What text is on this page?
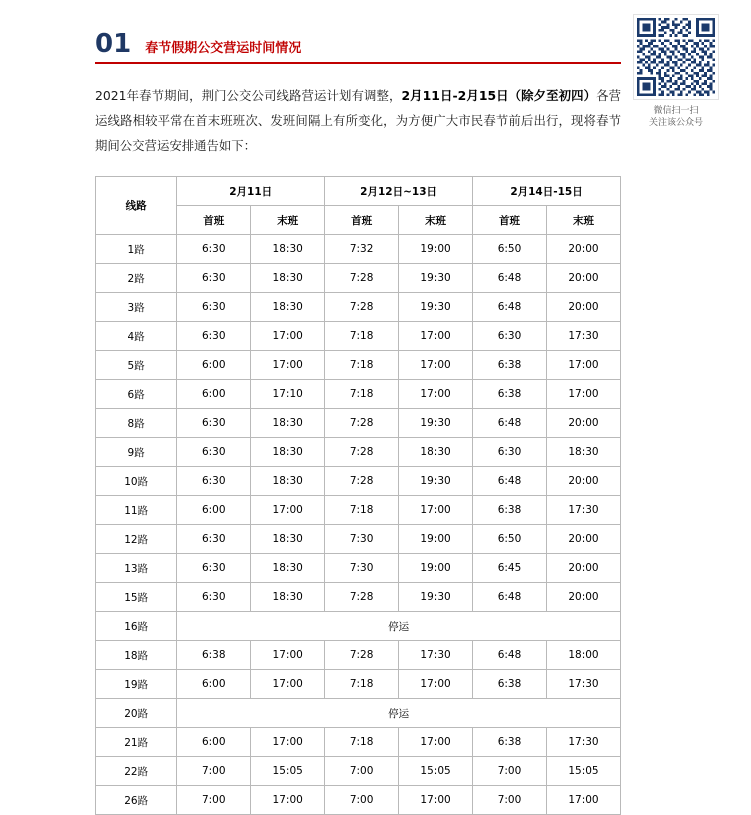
01 春节假期公交营运时间情况
微信扫一扫
关注该公众号
2021年春节期间，荆门公交公司线路营运计划有调整，2月11日-2月15日（除夕至初四）各营运线路相较平常在首末班班次、发班间隔上有所变化，为方便广大市民春节前后出行，现将春节期间公交营运安排通告如下：
线路	2月11日		2月12日~13日		2月14日-15日	
	首班	末班	首班	末班	首班	末班
1路	6:30	18:30	7:32	19:00	6:50	20:00
2路	6:30	18:30	7:28	19:30	6:48	20:00
3路	6:30	18:30	7:28	19:30	6:48	20:00
4路	6:30	17:00	7:18	17:00	6:30	17:30
5路	6:00	17:00	7:18	17:00	6:38	17:00
6路	6:00	17:10	7:18	17:00	6:38	17:00
8路	6:30	18:30	7:28	19:30	6:48	20:00
9路	6:30	18:30	7:28	18:30	6:30	18:30
10路	6:30	18:30	7:28	19:30	6:48	20:00
11路	6:00	17:00	7:18	17:00	6:38	17:30
12路	6:30	18:30	7:30	19:00	6:50	20:00
13路	6:30	18:30	7:30	19:00	6:45	20:00
15路	6:30	18:30	7:28	19:30	6:48	20:00
16路	停运					
18路	6:38	17:00	7:28	17:30	6:48	18:00
19路	6:00	17:00	7:18	17:00	6:38	17:30
20路	停运					
21路	6:00	17:00	7:18	17:00	6:38	17:30
22路	7:00	15:05	7:00	15:05	7:00	15:05
26路	7:00	17:00	7:00	17:00	7:00	17:00
